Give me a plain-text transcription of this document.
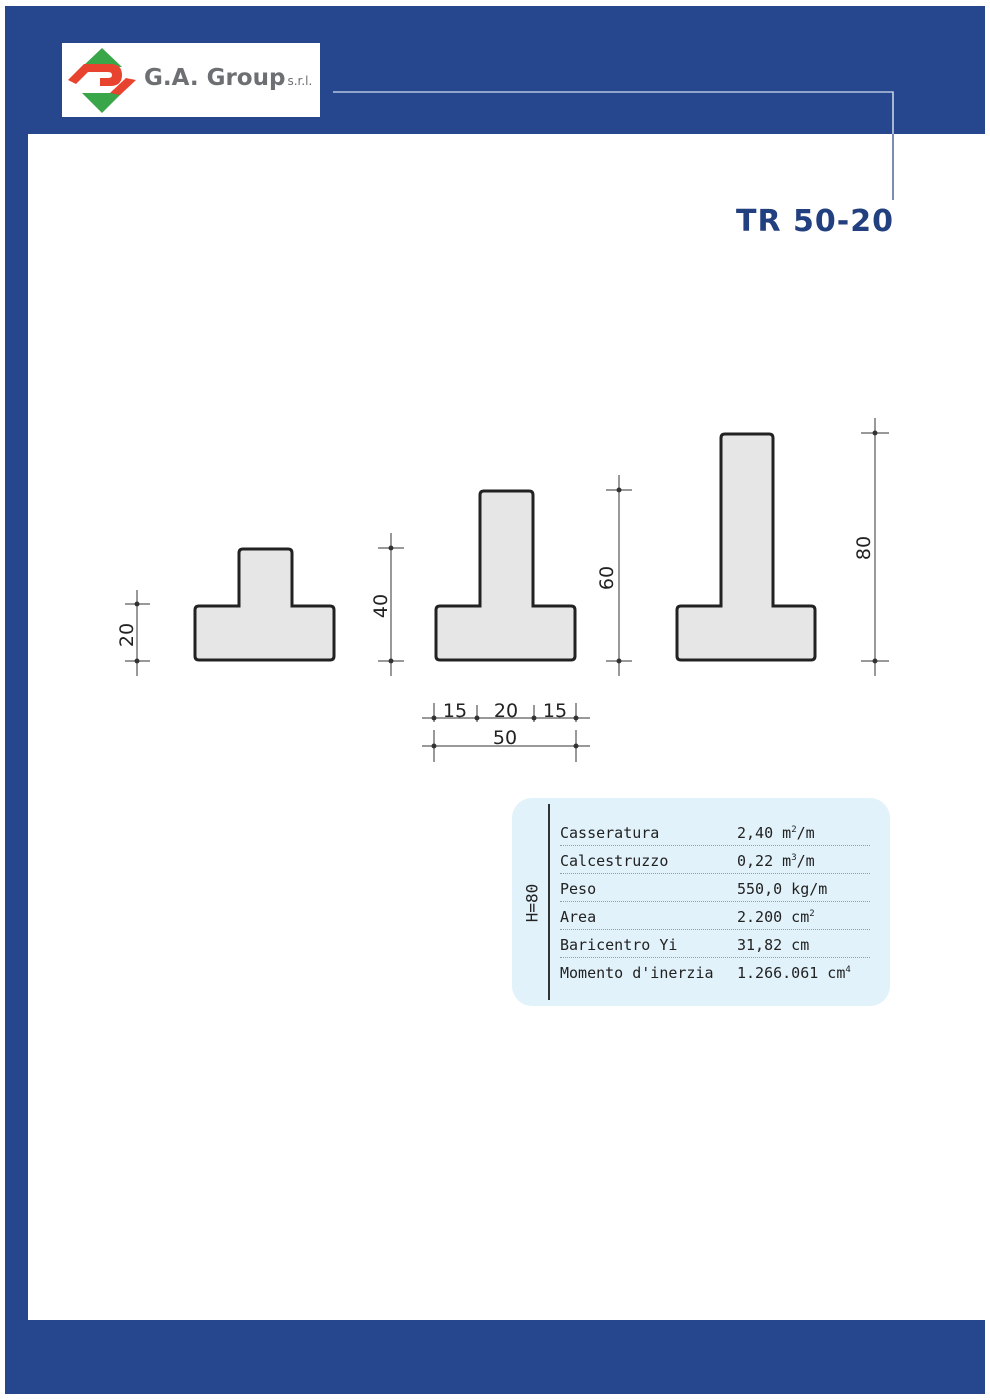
G.A. Group s.r.l.
TR 50-20
20
40
60
80
15 20 15
50
H=80
Casseratura	2,40 $m^2/m$
Calcestruzzo	0,22 $m^3/m$
Peso	550,0 kg/m
Area	2.200 $cm^2$
Baricentro Yi	31,82 cm
Momento d'inerzia 1.266.061 $cm^4$
